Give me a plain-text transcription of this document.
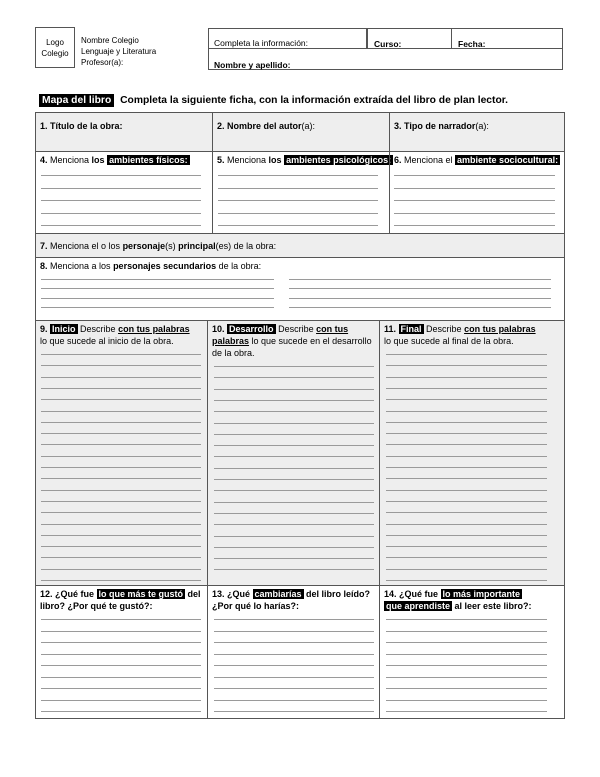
Logo
Colegio
Nombre Colegio
Lenguaje y Literatura
Profesor(a):
Completa la información:	Curso:	Fecha:
Nombre y apellido:
Mapa del libro Completa la siguiente ficha, con la información extraída del libro de plan lector.
1. Título de la obra:	2. Nombre del autor(a):	3. Tipo de narrador(a):
4. Menciona los ambientes físicos:	5. Menciona los ambientes psicológicos: 6. Menciona el ambiente sociocultural:
7. Menciona el o los personaje(s) principal(es) de la obra:
8. Menciona a los personajes secundarios de la obra:
9. Inicio Describe con tus palabras
lo que sucede al inicio de la obra.
10. Desarrollo Describe con tus
palabras lo que sucede en el desarrollo
de la obra.
11. Final Describe con tus palabras
lo que sucede al final de la obra.
12. ¿Qué fue lo que más te gustó del
libro? ¿Por qué te gustó?:
13. ¿Qué cambiarías del libro leído?
¿Por qué lo harías?:
14. ¿Qué fue lo más importante
que aprendiste al leer este libro?:
